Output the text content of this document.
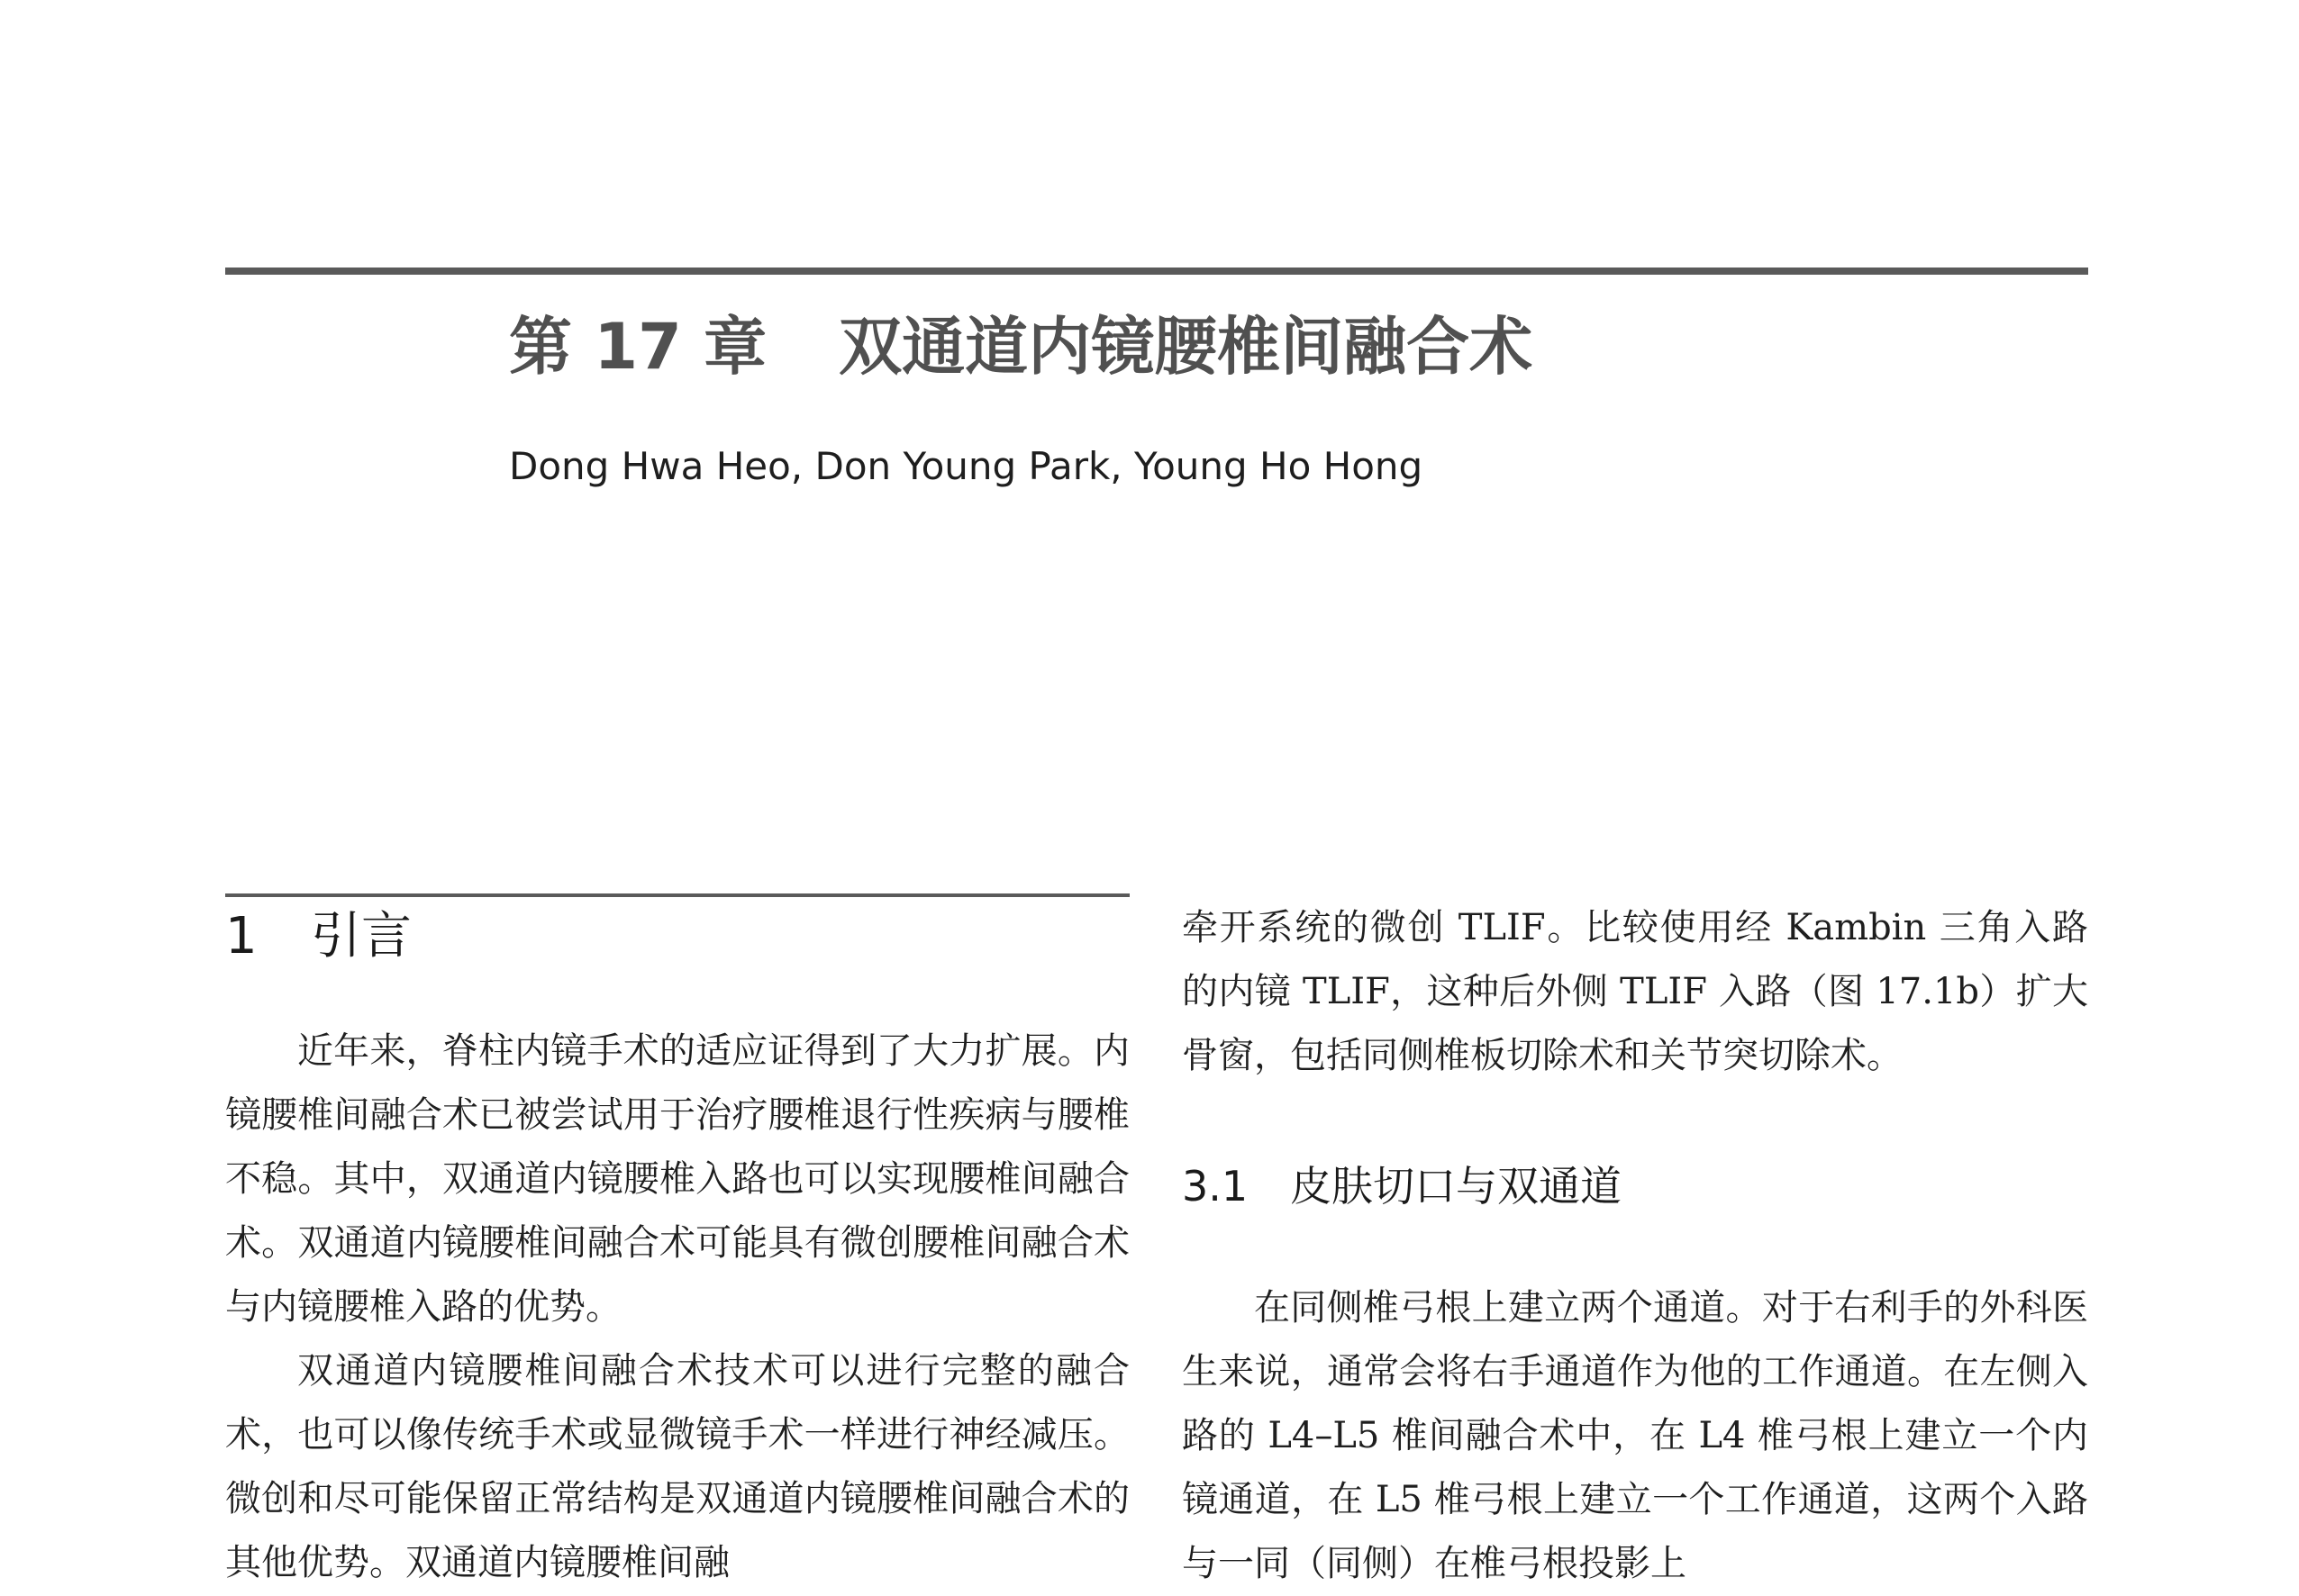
第 17 章 双通道内镜腰椎间融合术
Dong Hwa Heo, Don Young Park, Young Ho Hong
1 引言

近年来，脊柱内镜手术的适应证得到了大力扩展。内镜腰椎间融合术已被尝试用于治疗腰椎退行性疾病与腰椎不稳。其中，双通道内镜腰椎入路也可以实现腰椎间融合术。双通道内镜腰椎间融合术可能具有微创腰椎间融合术与内镜腰椎入路的优势。

双通道内镜腰椎间融合术技术可以进行完整的融合术，也可以像传统手术或显微镜手术一样进行神经减压。微创和尽可能保留正常结构是双通道内镜腰椎间融合术的其他优势。双通道内镜腰椎间融

牵开系统的微创 TLIF。比较使用经 Kambin 三角入路的内镜 TLIF，这种后外侧 TLIF 入路（图 17.1b）扩大骨窗，包括同侧椎板切除术和关节突切除术。

3.1 皮肤切口与双通道

在同侧椎弓根上建立两个通道。对于右利手的外科医生来说，通常会将右手通道作为他的工作通道。在左侧入路的 L4–L5 椎间融合术中，在 L4 椎弓根上建立一个内镜通道，在 L5 椎弓根上建立一个工作通道，这两个入路与一同（同侧）在椎弓根投影上
